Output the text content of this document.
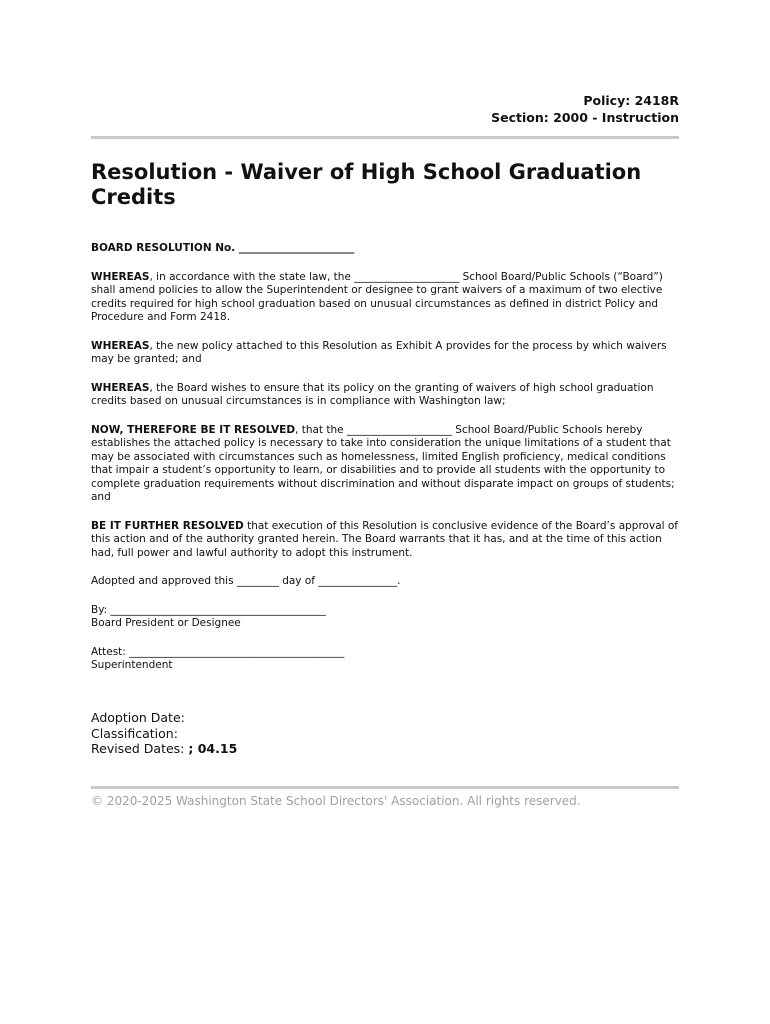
Policy: 2418R
Section: 2000 - Instruction
Resolution - Waiver of High School Graduation Credits

BOARD RESOLUTION No. ______________________

WHEREAS, in accordance with the state law, the ____________________ School Board/Public Schools (“Board”) shall amend policies to allow the Superintendent or designee to grant waivers of a maximum of two elective credits required for high school graduation based on unusual circumstances as defined in district Policy and Procedure and Form 2418.

WHEREAS, the new policy attached to this Resolution as Exhibit A provides for the process by which waivers may be granted; and

WHEREAS, the Board wishes to ensure that its policy on the granting of waivers of high school graduation credits based on unusual circumstances is in compliance with Washington law;

NOW, THEREFORE BE IT RESOLVED, that the ____________________ School Board/Public Schools hereby establishes the attached policy is necessary to take into consideration the unique limitations of a student that may be associated with circumstances such as homelessness, limited English proficiency, medical conditions that impair a student’s opportunity to learn, or disabilities and to provide all students with the opportunity to complete graduation requirements without discrimination and without disparate impact on groups of students; and

BE IT FURTHER RESOLVED that execution of this Resolution is conclusive evidence of the Board’s approval of this action and of the authority granted herein. The Board warrants that it has, and at the time of this action had, full power and lawful authority to adopt this instrument.

Adopted and approved this ________ day of _______________.

By: _________________________________________
Board President or Designee
Attest: _________________________________________
Superintendent
Adoption Date:
Classification:
Revised Dates: ; 04.15
© 2020-2025 Washington State School Directors' Association. All rights reserved.
